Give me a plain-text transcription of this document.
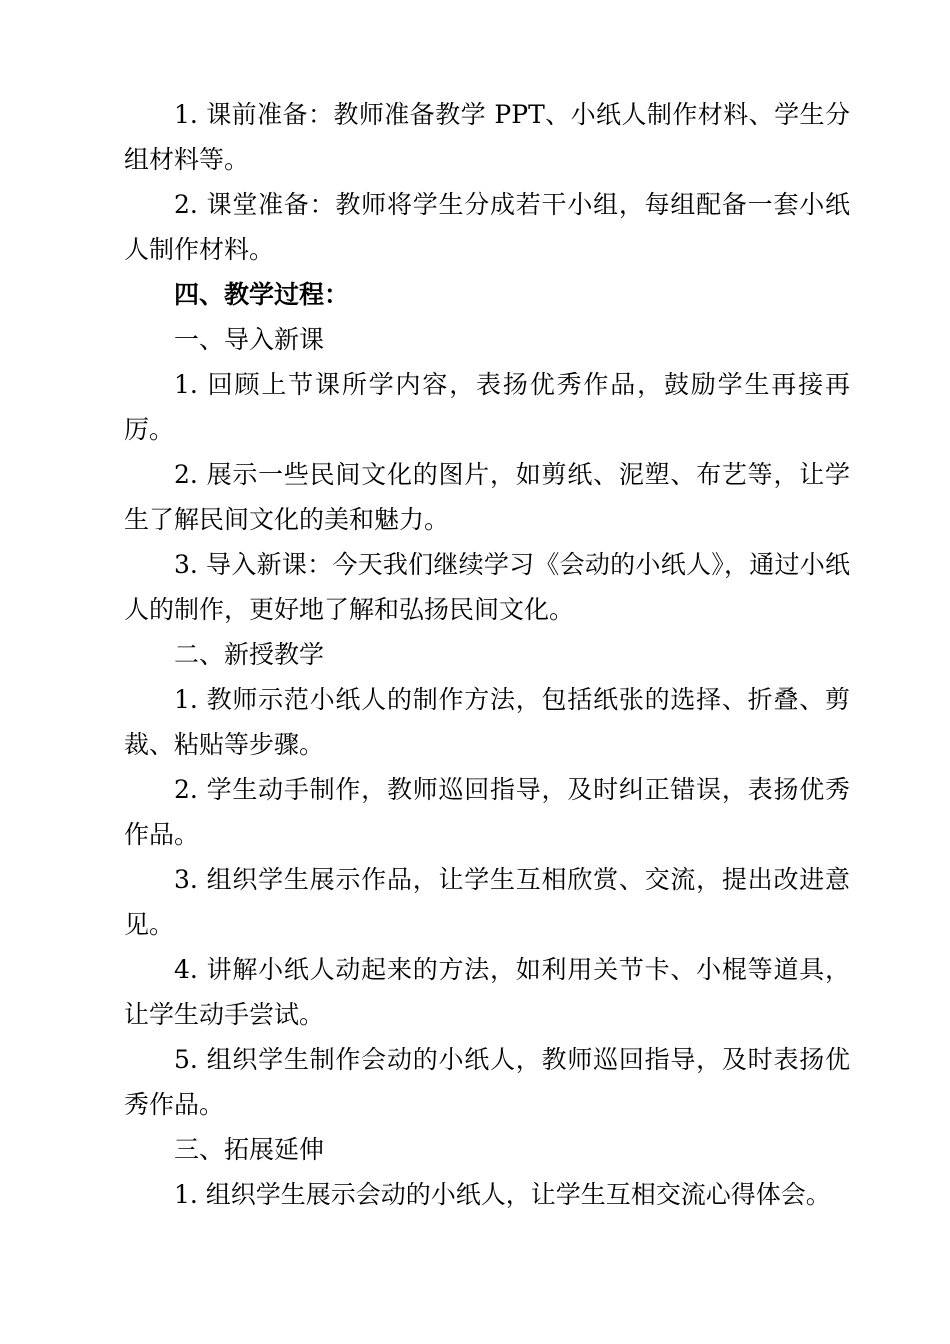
1. 课前准备：教师准备教学 PPT、小纸人制作材料、学生分组材料等。

2. 课堂准备：教师将学生分成若干小组，每组配备一套小纸人制作材料。

四、教学过程：

一、导入新课

1. 回顾上节课所学内容，表扬优秀作品，鼓励学生再接再厉。

2. 展示一些民间文化的图片，如剪纸、泥塑、布艺等，让学生了解民间文化的美和魅力。

3. 导入新课：今天我们继续学习《会动的小纸人》，通过小纸人的制作，更好地了解和弘扬民间文化。

二、新授教学

1. 教师示范小纸人的制作方法，包括纸张的选择、折叠、剪裁、粘贴等步骤。

2. 学生动手制作，教师巡回指导，及时纠正错误，表扬优秀作品。

3. 组织学生展示作品，让学生互相欣赏、交流，提出改进意见。

4. 讲解小纸人动起来的方法，如利用关节卡、小棍等道具，让学生动手尝试。

5. 组织学生制作会动的小纸人，教师巡回指导，及时表扬优秀作品。

三、拓展延伸

1. 组织学生展示会动的小纸人，让学生互相交流心得体会。
